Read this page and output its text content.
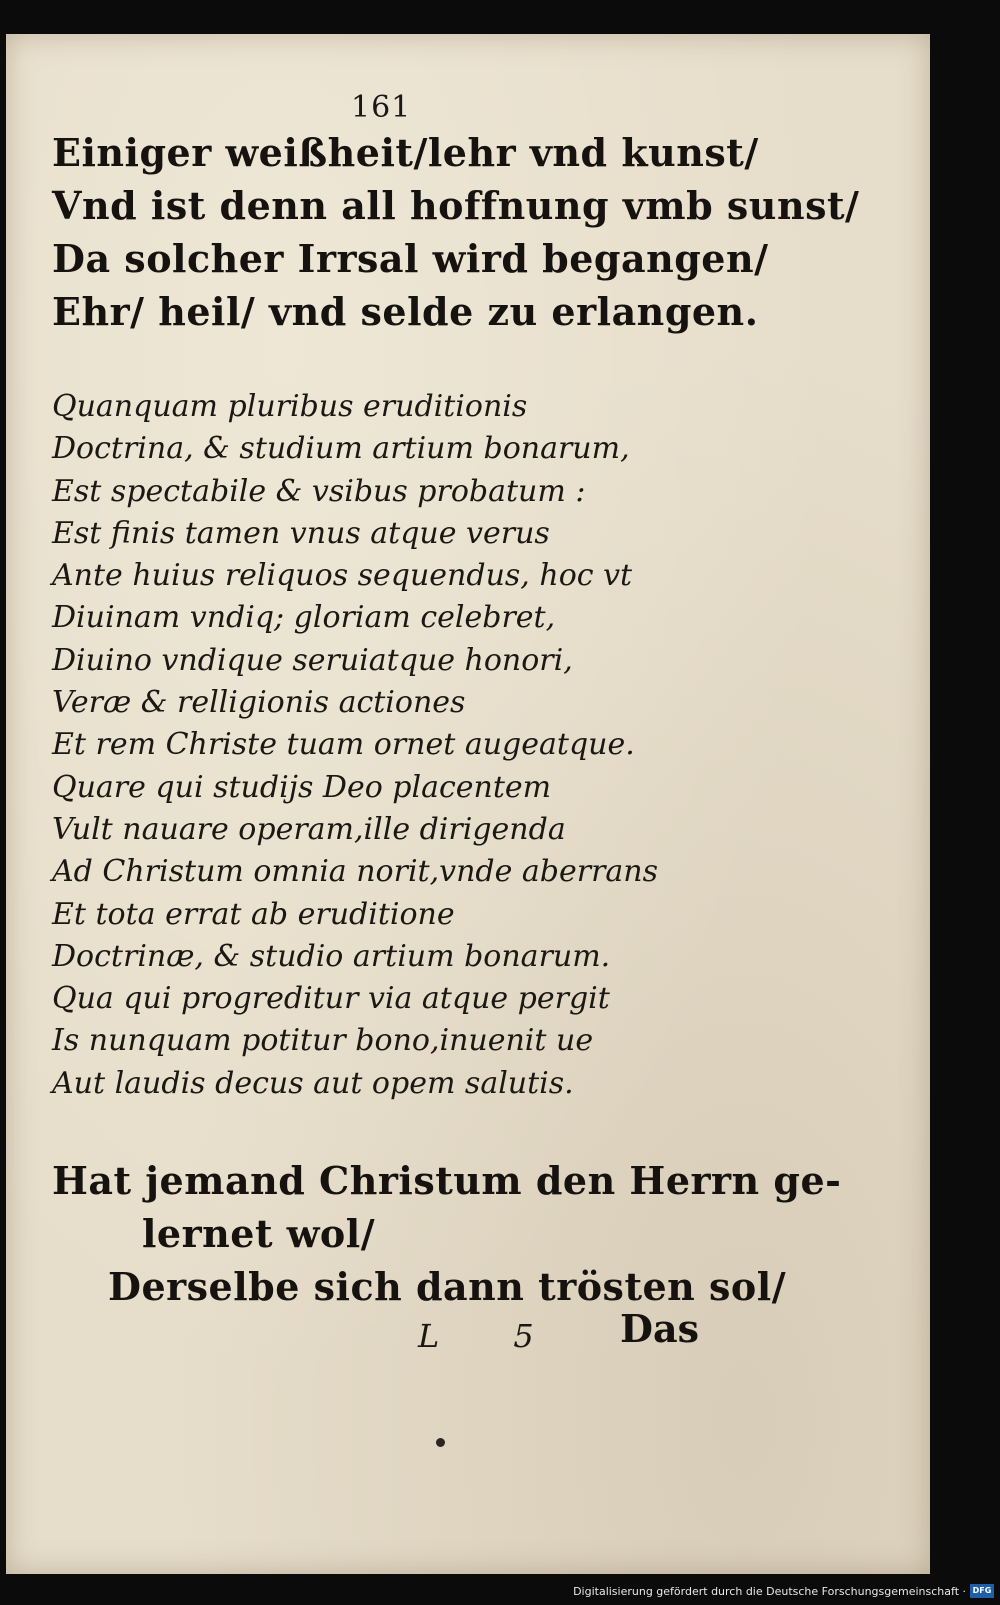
161
Einiger weißheit/lehr vnd kunst/
Vnd ist denn all hoffnung vmb sunst/
Da solcher Irrsal wird begangen/
Ehr/ heil/ vnd selde zu erlangen.
Quanquam pluribus eruditionis
Doctrina, & studium artium bonarum,
Est spectabile & vsibus probatum :
Est finis tamen vnus atque verus
Ante huius reliquos sequendus, hoc vt
Diuinam vndiq; gloriam celebret,
Diuino vndique seruiatque honori,
Veræ & relligionis actiones
Et rem Christe tuam ornet augeatque.
Quare qui studijs Deo placentem
Vult nauare operam,ille dirigenda
Ad Christum omnia norit,vnde aberrans
Et tota errat ab eruditione
Doctrinæ, & studio artium bonarum.
Qua qui progreditur via atque pergit
Is nunquam potitur bono,inuenit ue
Aut laudis decus aut opem salutis.
Hat jemand Christum den Herrn ge-
lernet wol/
Derselbe sich dann trösten sol/
L 5 Das
Digitalisierung gefördert durch die Deutsche Forschungsgemeinschaft · DFG
